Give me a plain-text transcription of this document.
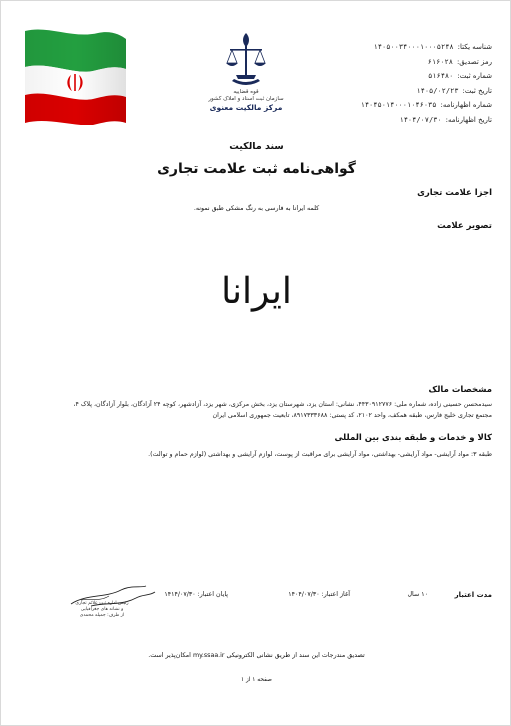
قوه قضاییه
سازمان ثبت اسناد و املاک کشور
مرکز مالکیت معنوی
شناسه یکتا:
۱۴۰۵۰۰۳۴۰۰۰۱۰۰۰۵۲۴۸
رمز تصدیق:
۶۱۶۰۲۸
شماره ثبت:
۵۱۶۴۸۰
تاریخ ثبت:
۱۴۰۵/۰۲/۲۳
شماره اظهارنامه:
۱۴۰۴۵۰۱۴۰۰۰۱۰۴۶۰۳۵
تاریخ اظهارنامه:
۱۴۰۴/۰۷/۳۰
سند مالکیت
گواهی‌نامه ثبت علامت تجاری
اجزا علامت تجاری
کلمه ایرانا به فارسی به رنگ مشکی طبق نمونه.
تصویر علامت
ایرانا
مشخصات مالک
سیدمحسن حسینی زاده، شماره ملی: ۴۴۳۰۹۱۲۷۷۶، نشانی: استان یزد، شهرستان یزد، بخش مرکزی، شهر یزد، آزادشهر، کوچه ۲۴ آزادگان، بلوار آزادگان، پلاک ۴،
مجتمع تجاری خلیج فارس، طبقه همکف، واحد ۲۱۰۲، کد پستی: ۸۹۱۷۳۳۳۶۸۸، تابعیت جمهوری اسلامی ایران
کالا و خدمات و طبقه بندی بین المللی
طبقه ۳: مواد آرایشی- مواد آرایشی- بهداشتی، مواد آرایشی برای مراقبت از پوست، لوازم آرایشی و بهداشتی (لوازم حمام و توالت).
مدت اعتبار
۱۰ سال
آغاز اعتبار: ۱۴۰۴/۰۷/۳۰
پایان اعتبار: ۱۴۱۴/۰۷/۳۰
رئیس اداره ثبت علائم تجاری
و نشانه های جغرافیایی
از طرف: جمیله محمدی
تصدیق مندرجات این سند از طریق نشانی الکترونیکی my.ssaa.ir امکان‌پذیر است.
صفحه ۱ از ۱
